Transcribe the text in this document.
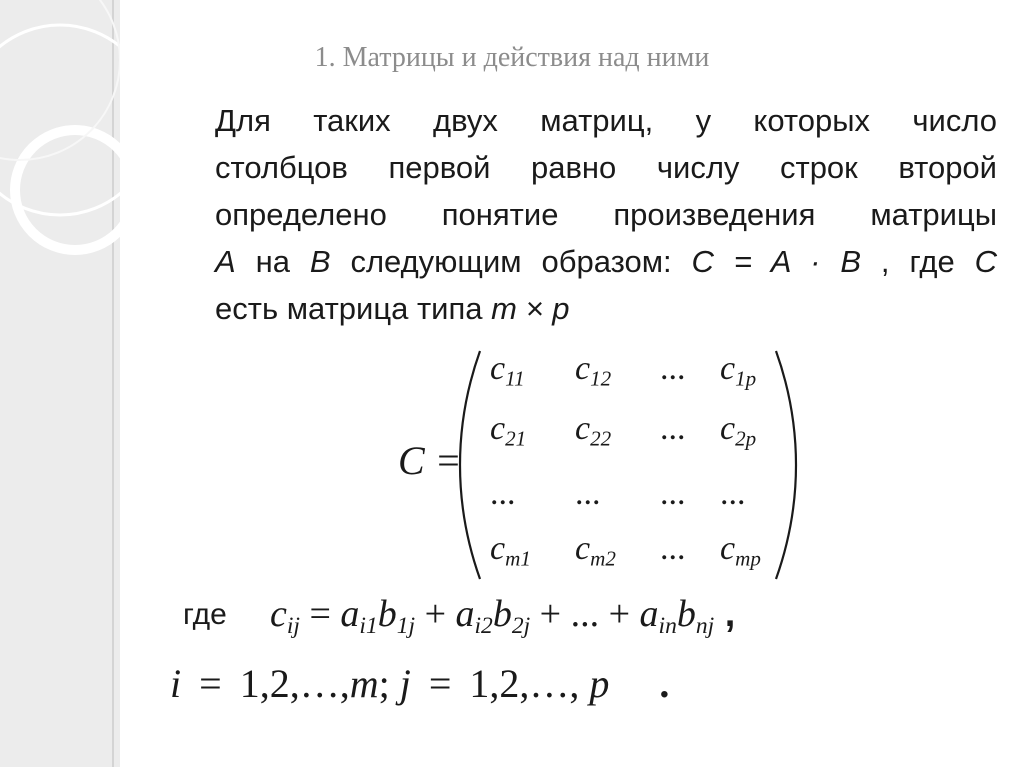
1. Матрицы и действия над ними
Для таких двух матриц, у которых число
столбцов первой равно числу строк второй
определено понятие произведения матрицы
A на B следующим образом: C = A · B , где C
есть матрица типа m × p
C =
$c_{11}$ $c_{12}$ ... $c_{1p}$
$c_{21}$ $c_{22}$ ... $c_{2p}$
... ... ... ...
$c_{m1}$ $c_{m2}$ ... $c_{mp}$
где $c_{ij} = a_{i1}b_{1j} + a_{i2}b_{2j}$ + ... + $a_{in}b_{nj}$ ,
i = 1,2,…,m; j = 1,2,…, p .
